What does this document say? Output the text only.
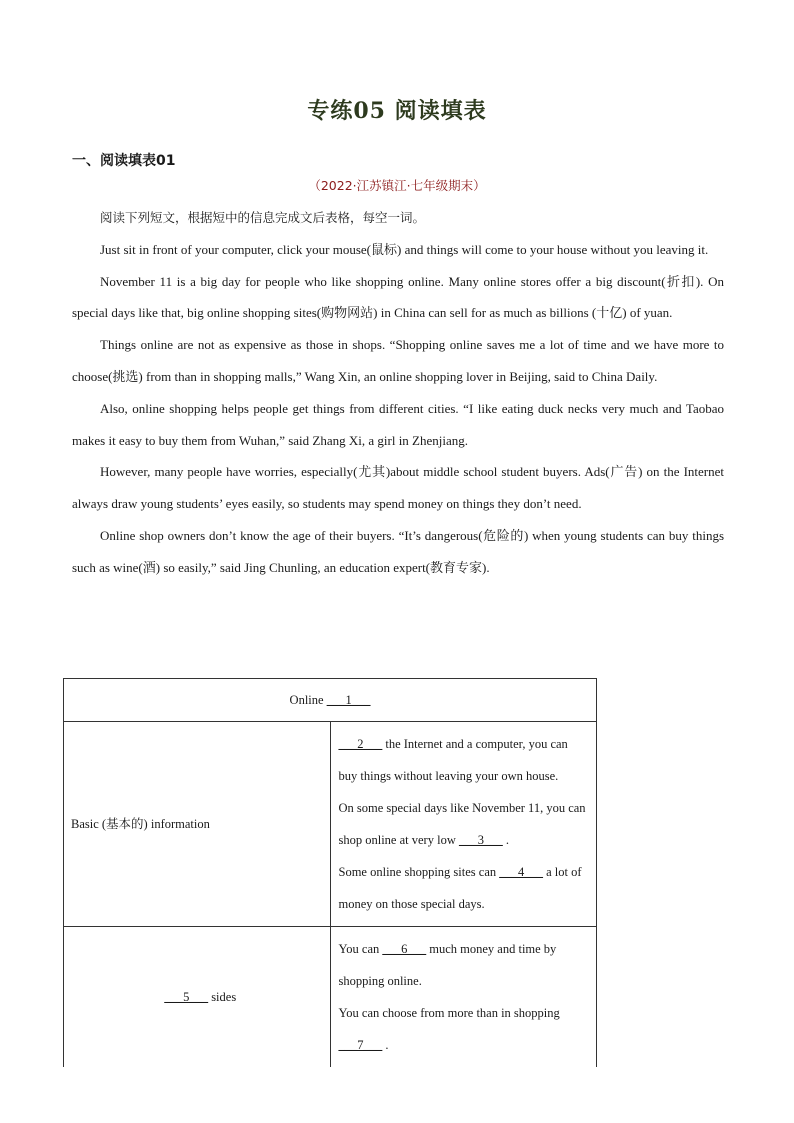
专练05 阅读填表
一、阅读填表01
（2022·江苏镇江·七年级期末）

阅读下列短文，根据短中的信息完成文后表格，每空一词。

Just sit in front of your computer, click your mouse(鼠标) and things will come to your house without you leaving it.

November 11 is a big day for people who like shopping online. Many online stores offer a big discount(折扣). On special days like that, big online shopping sites(购物网站) in China can sell for as much as billions (十亿) of yuan.

Things online are not as expensive as those in shops. “Shopping online saves me a lot of time and we have more to choose(挑选) from than in shopping malls,” Wang Xin, an online shopping lover in Beijing, said to China Daily.

Also, online shopping helps people get things from different cities. “I like eating duck necks very much and Taobao makes it easy to buy them from Wuhan,” said Zhang Xi, a girl in Zhenjiang.

However, many people have worries, especially(尤其)about middle school student buyers. Ads(广告) on the Internet always draw young students’ eyes easily, so students may spend money on things they don’t need.

Online shop owners don’t know the age of their buyers. “It’s dangerous(危险的) when young students can buy things such as wine(酒) so easily,” said Jing Chunling, an education expert(教育专家).

Online ___1___	
Basic (基本的) information	___2___ the Internet and a computer, you can buy things without leaving your own house.
On some special days like November 11, you can shop online at very low ___3___ .
Some online shopping sites can ___4___ a lot of money on those special days.

___5___ sides	You can ___6___ much money and time by shopping online.
You can choose from more than in shopping ___7___ .
